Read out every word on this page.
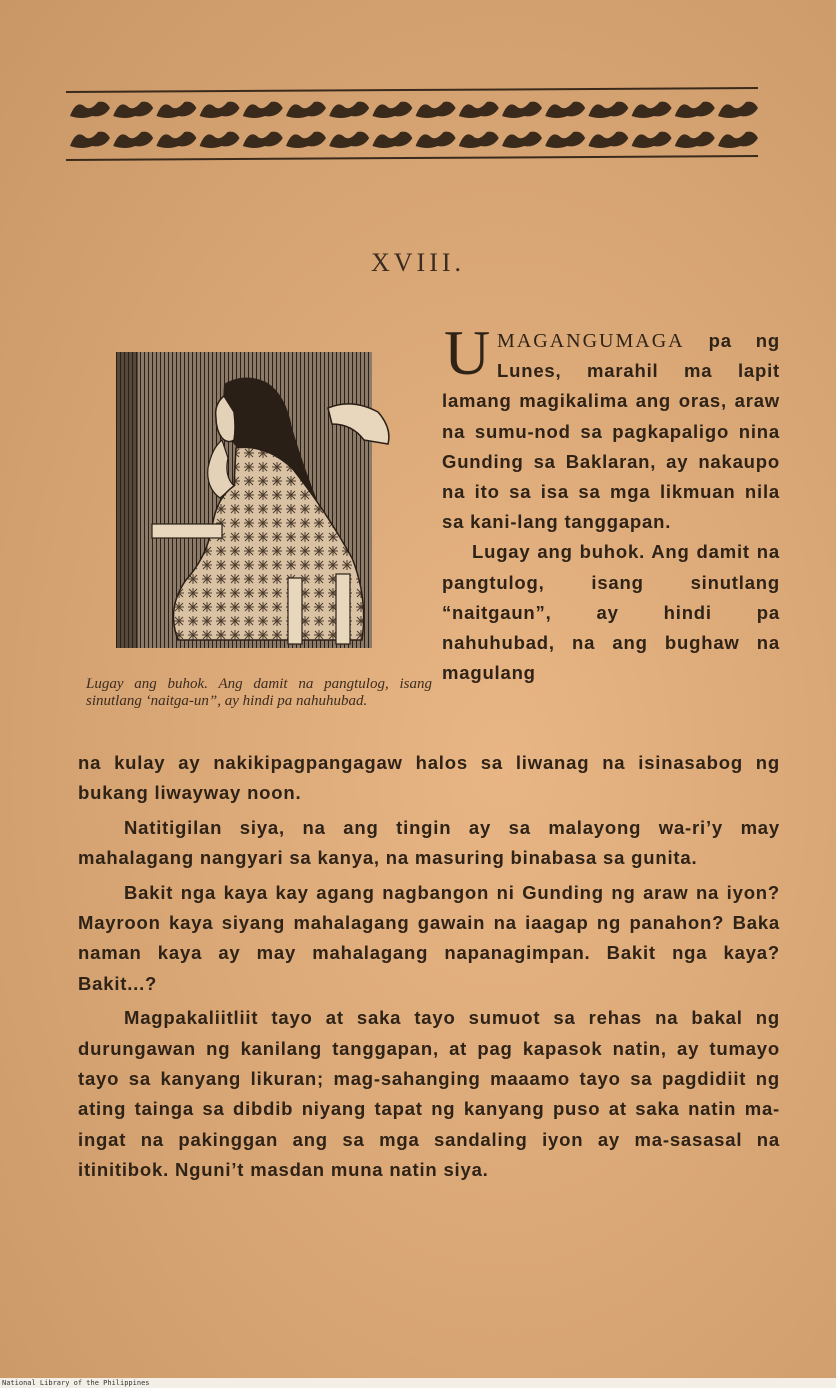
XVIII.
Lugay ang buhok. Ang damit na pangtulog, isang sinutlang ‘naitga-un”, ay hindi pa nahuhubad.

UMAGANGUMAGA pa ng Lunes, marahil ma lapit lamang magikalima ang oras, araw na sumu-nod sa pagkapaligo nina Gunding sa Baklaran, ay nakaupo na ito sa isa sa mga likmuan nila sa kani-lang tanggapan.

Lugay ang buhok. Ang damit na pangtulog, isang sinutlang “naitgaun”, ay hindi pa nahuhubad, na ang bughaw na magulang

na kulay ay nakikipagpangagaw halos sa liwanag na isinasabog ng bukang liwayway noon.

Natitigilan siya, na ang tingin ay sa malayong wa-ri’y may mahalagang nangyari sa kanya, na masuring binabasa sa gunita.

Bakit nga kaya kay agang nagbangon ni Gunding ng araw na iyon? Mayroon kaya siyang mahalagang gawain na iaagap ng panahon? Baka naman kaya ay may mahalagang napanagimpan. Bakit nga kaya? Bakit...?

Magpakaliitliit tayo at saka tayo sumuot sa rehas na bakal ng durungawan ng kanilang tanggapan, at pag kapasok natin, ay tumayo tayo sa kanyang likuran; mag-sahanging maaamo tayo sa pagdidiit ng ating tainga sa dibdib niyang tapat ng kanyang puso at saka natin ma-ingat na pakinggan ang sa mga sandaling iyon ay ma-sasasal na itinitibok. Nguni’t masdan muna natin siya.

National Library of the Philippines
